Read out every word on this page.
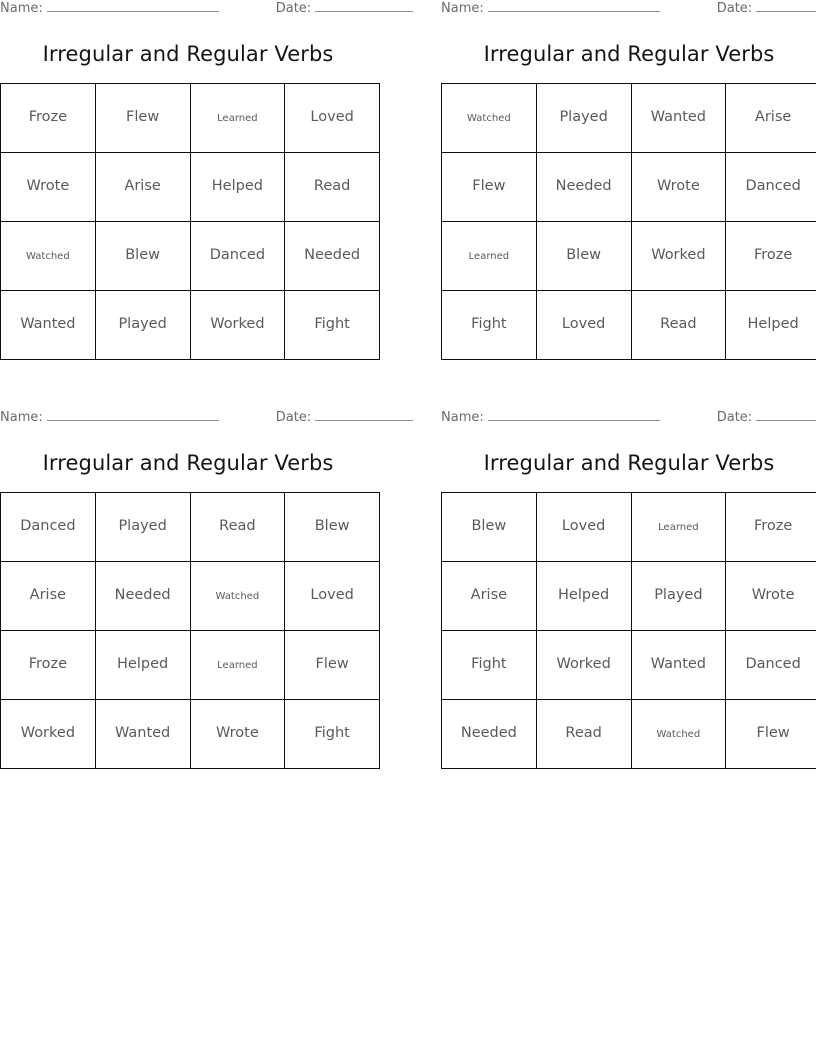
Name:	Date:
Irregular and Regular Verbs
Froze	Flew	Learned	Loved
Wrote	Arise	Helped	Read
Watched	Blew	Danced	Needed
Wanted	Played	Worked	Fight
Name:	Date:
Irregular and Regular Verbs
Watched	Played	Wanted	Arise
Flew	Needed	Wrote	Danced
Learned	Blew	Worked	Froze
Fight	Loved	Read	Helped
Name:	Date:
Irregular and Regular Verbs
Danced	Played	Read	Blew
Arise	Needed	Watched	Loved
Froze	Helped	Learned	Flew
Worked	Wanted	Wrote	Fight
Name:	Date:
Irregular and Regular Verbs
Blew	Loved	Learned	Froze
Arise	Helped	Played	Wrote
Fight	Worked	Wanted	Danced
Needed	Read	Watched	Flew
